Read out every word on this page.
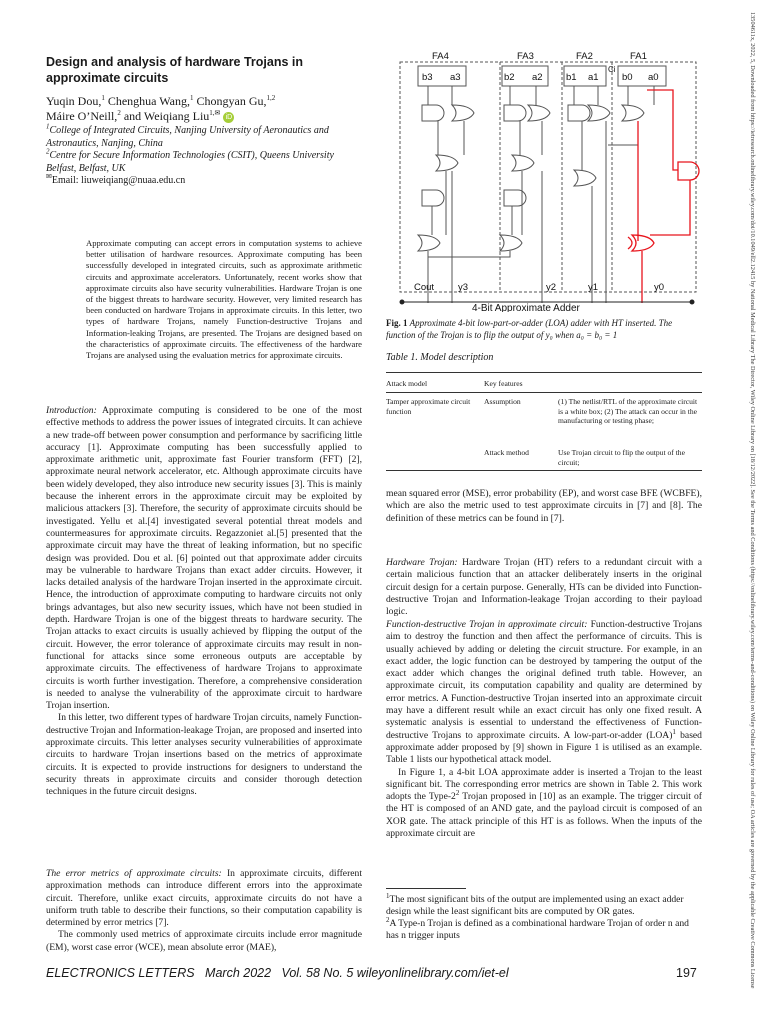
Design and analysis of hardware Trojans in approximate circuits
Yuqin Dou,$^1$ Chenghua Wang,$^1$ Chongyan Gu,$^{1,2}$
Máire O’Neill,$^2$ and Weiqiang Liu$^{1,✉}$ iD
$^1$College of Integrated Circuits, Nanjing University of Aeronautics and Astronautics, Nanjing, China
$^2$Centre for Secure Information Technologies (CSIT), Queens University Belfast, Belfast, UK
✉Email: liuweiqiang@nuaa.edu.cn
Approximate computing can accept errors in computation systems to achieve better utilisation of hardware resources. Approximate computing has been successfully developed in integrated circuits, such as approximate arithmetic circuits and approximate accelerators. Unfortunately, recent works show that approximate circuits also have security vulnerabilities. Hardware Trojan is one of the biggest threats to hardware security. However, very limited research has been conducted on hardware Trojans in approximate circuits. In this letter, two types of hardware Trojans, namely Function-destructive Trojans and Information-leaking Trojans, are presented. The Trojans are designed based on the characteristics of approximate circuits. The effectiveness of the hardware Trojans are analysed using the evaluation metrics for approximate circuits.

Introduction: Approximate computing is considered to be one of the most effective methods to address the power issues of integrated circuits. It can achieve a new trade-off between power consumption and performance by sacrificing little accuracy [1]. Approximate computing has been successfully applied to approximate arithmetic unit, approximate fast Fourier transform (FFT) [2], approximate neural network accelerator, etc. Although approximate circuits have been widely developed, they also introduce new security issues [3]. This is mainly because the inherent errors in the approximate circuit may be exploited by malicious attackers [3]. Therefore, the security of approximate circuits should be investigated. Yellu et al.[4] investigated several potential threat models and countermeasures for approximate circuits. Regazzoniet al.[5] presented that the approximate circuit may have the threat of leaking information, but no specific design was provided. Dou et al. [6] pointed out that approximate adder circuits may be vulnerable to hardware Trojans than exact adder circuits. However, it lacks detailed analysis of the hardware Trojan inserted in the approximate circuit. Hence, the introduction of approximate computing to hardware circuits not only brings advantages, but also new security issues, which have not been studied in depth. Hardware Trojan is one of the biggest threats to hardware security. The Trojan attacks to exact circuits is usually achieved by flipping the output of the circuit. However, the error tolerance of approximate circuits may result in non-functional for attacks since some erroneous outputs are acceptable by approximate circuits. The effectiveness of hardware Trojans to approximate circuits is worth further investigation. Therefore, a comprehensive consideration is needed to analyse the vulnerability of the approximate circuit to hardware Trojan insertion.

In this letter, two different types of hardware Trojan circuits, namely Function-destructive Trojan and Information-leakage Trojan, are proposed and inserted into approximate circuits. This letter analyses security vulnerabilities of approximate circuits to hardware Trojan insertions based on the metrics of approximate circuits. It is expected to provide instructions for designers to understand the security threats in approximate circuits and consider thorough detection techniques in the future circuit designs.

The error metrics of approximate circuits: In approximate circuits, different approximation methods can introduce different errors into the approximate circuit. Therefore, unlike exact circuits, approximate circuits do not have a uniform truth table to describe their functions, so their computation capability is determined by error metrics [7].

The commonly used metrics of approximate circuits include error magnitude (EM), worst case error (WCE), mean absolute error (MAE),

FA4	FA3	FA2	FA1
b3 a3	b2 a2 b1 a1 b0 a0
Ci
Cout	y3	y2	y1	y0
4-Bit Approximate Adder
Fig. 1 Approximate 4-bit low-part-or-adder (LOA) adder with HT inserted. The function of the Trojan is to flip the output of y₀ when a₀ = b₀ = 1
Table 1. Model description
Attack model	Key features
Tamper approximate circuit function
Assumption	(1) The netlist/RTL of the approximate circuit is a white box; (2) The attack can occur in the manufacturing or testing phase;
Attack method	Use Trojan circuit to flip the output of the circuit;
mean squared error (MSE), error probability (EP), and worst case BFE (WCBFE), which are also the metric used to test approximate circuits in [7] and [8]. The definition of these metrics can be found in [7].

Hardware Trojan: Hardware Trojan (HT) refers to a redundant circuit with a certain malicious function that an attacker deliberately inserts in the original circuit design for a certain purpose. Generally, HTs can be divided into Function-destructive Trojan and Information-leakage Trojan according to their payload logic.

Function-destructive Trojan in approximate circuit: Function-destructive Trojans aim to destroy the function and then affect the performance of circuits. This is usually achieved by adding or deleting the circuit structure. For example, in an exact adder, the logic function can be destroyed by tampering the output of the exact adder which changes the original defined truth table. However, an approximate circuit, its computation capability and quality are determined by error metrics. A Function-destructive Trojan inserted into an approximate circuit may have a different result while an exact circuit has only one fixed result. A systematic analysis is essential to understand the effectiveness of Function-destructive Trojans to approximate circuits. A low-part-or-adder (LOA)$^1$ based approximate adder proposed by [9] shown in Figure 1 is utilised as an example. Table 1 lists our hypothetical attack model.

In Figure 1, a 4-bit LOA approximate adder is inserted a Trojan to the least significant bit. The corresponding error metrics are shown in Table 2. This work adopts the Type-$2^2$ Trojan proposed in [10] as an example. The trigger circuit of the HT is composed of an AND gate, and the payload circuit is composed of an XOR gate. The attack principle of this HT is as follows. When the inputs of the approximate circuit are

$^1$The most significant bits of the output are implemented using an exact adder design while the least significant bits are computed by OR gates.

$^2$A Type-n Trojan is defined as a combinational hardware Trojan of order n and has n trigger inputs

ELECTRONICS LETTERS   March 2022   Vol. 58 No. 5 wileyonlinelibrary.com/iet-el	197	13504611x, 2022, 5, Downloaded from https://ietresearch.onlinelibrary.wiley.com/doi/10.1049/ell2.12415 by National Medical Library The Director, Wiley Online Library on [18/12/2022]. See the Terms and Conditions (https://onlinelibrary.wiley.com/terms-and-conditions) on Wiley Online Library for rules of use; OA articles are governed by the applicable Creative Commons License
